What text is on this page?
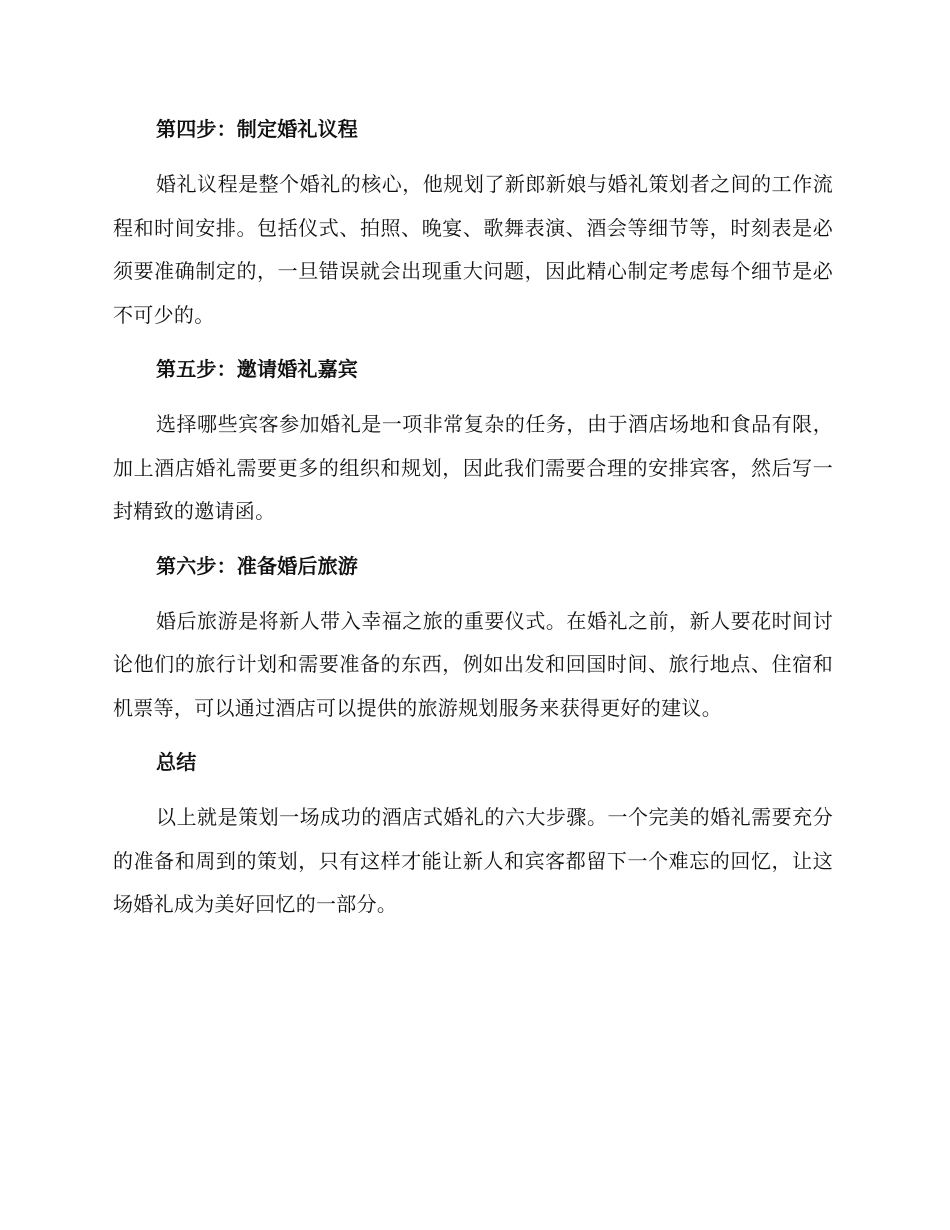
第四步：制定婚礼议程

婚礼议程是整个婚礼的核心，他规划了新郎新娘与婚礼策划者之间的工作流程和时间安排。包括仪式、拍照、晚宴、歌舞表演、酒会等细节等，时刻表是必须要准确制定的，一旦错误就会出现重大问题，因此精心制定考虑每个细节是必不可少的。

第五步：邀请婚礼嘉宾

选择哪些宾客参加婚礼是一项非常复杂的任务，由于酒店场地和食品有限，加上酒店婚礼需要更多的组织和规划，因此我们需要合理的安排宾客，然后写一封精致的邀请函。

第六步：准备婚后旅游

婚后旅游是将新人带入幸福之旅的重要仪式。在婚礼之前，新人要花时间讨论他们的旅行计划和需要准备的东西，例如出发和回国时间、旅行地点、住宿和机票等，可以通过酒店可以提供的旅游规划服务来获得更好的建议。

总结

以上就是策划一场成功的酒店式婚礼的六大步骤。一个完美的婚礼需要充分的准备和周到的策划，只有这样才能让新人和宾客都留下一个难忘的回忆，让这场婚礼成为美好回忆的一部分。
